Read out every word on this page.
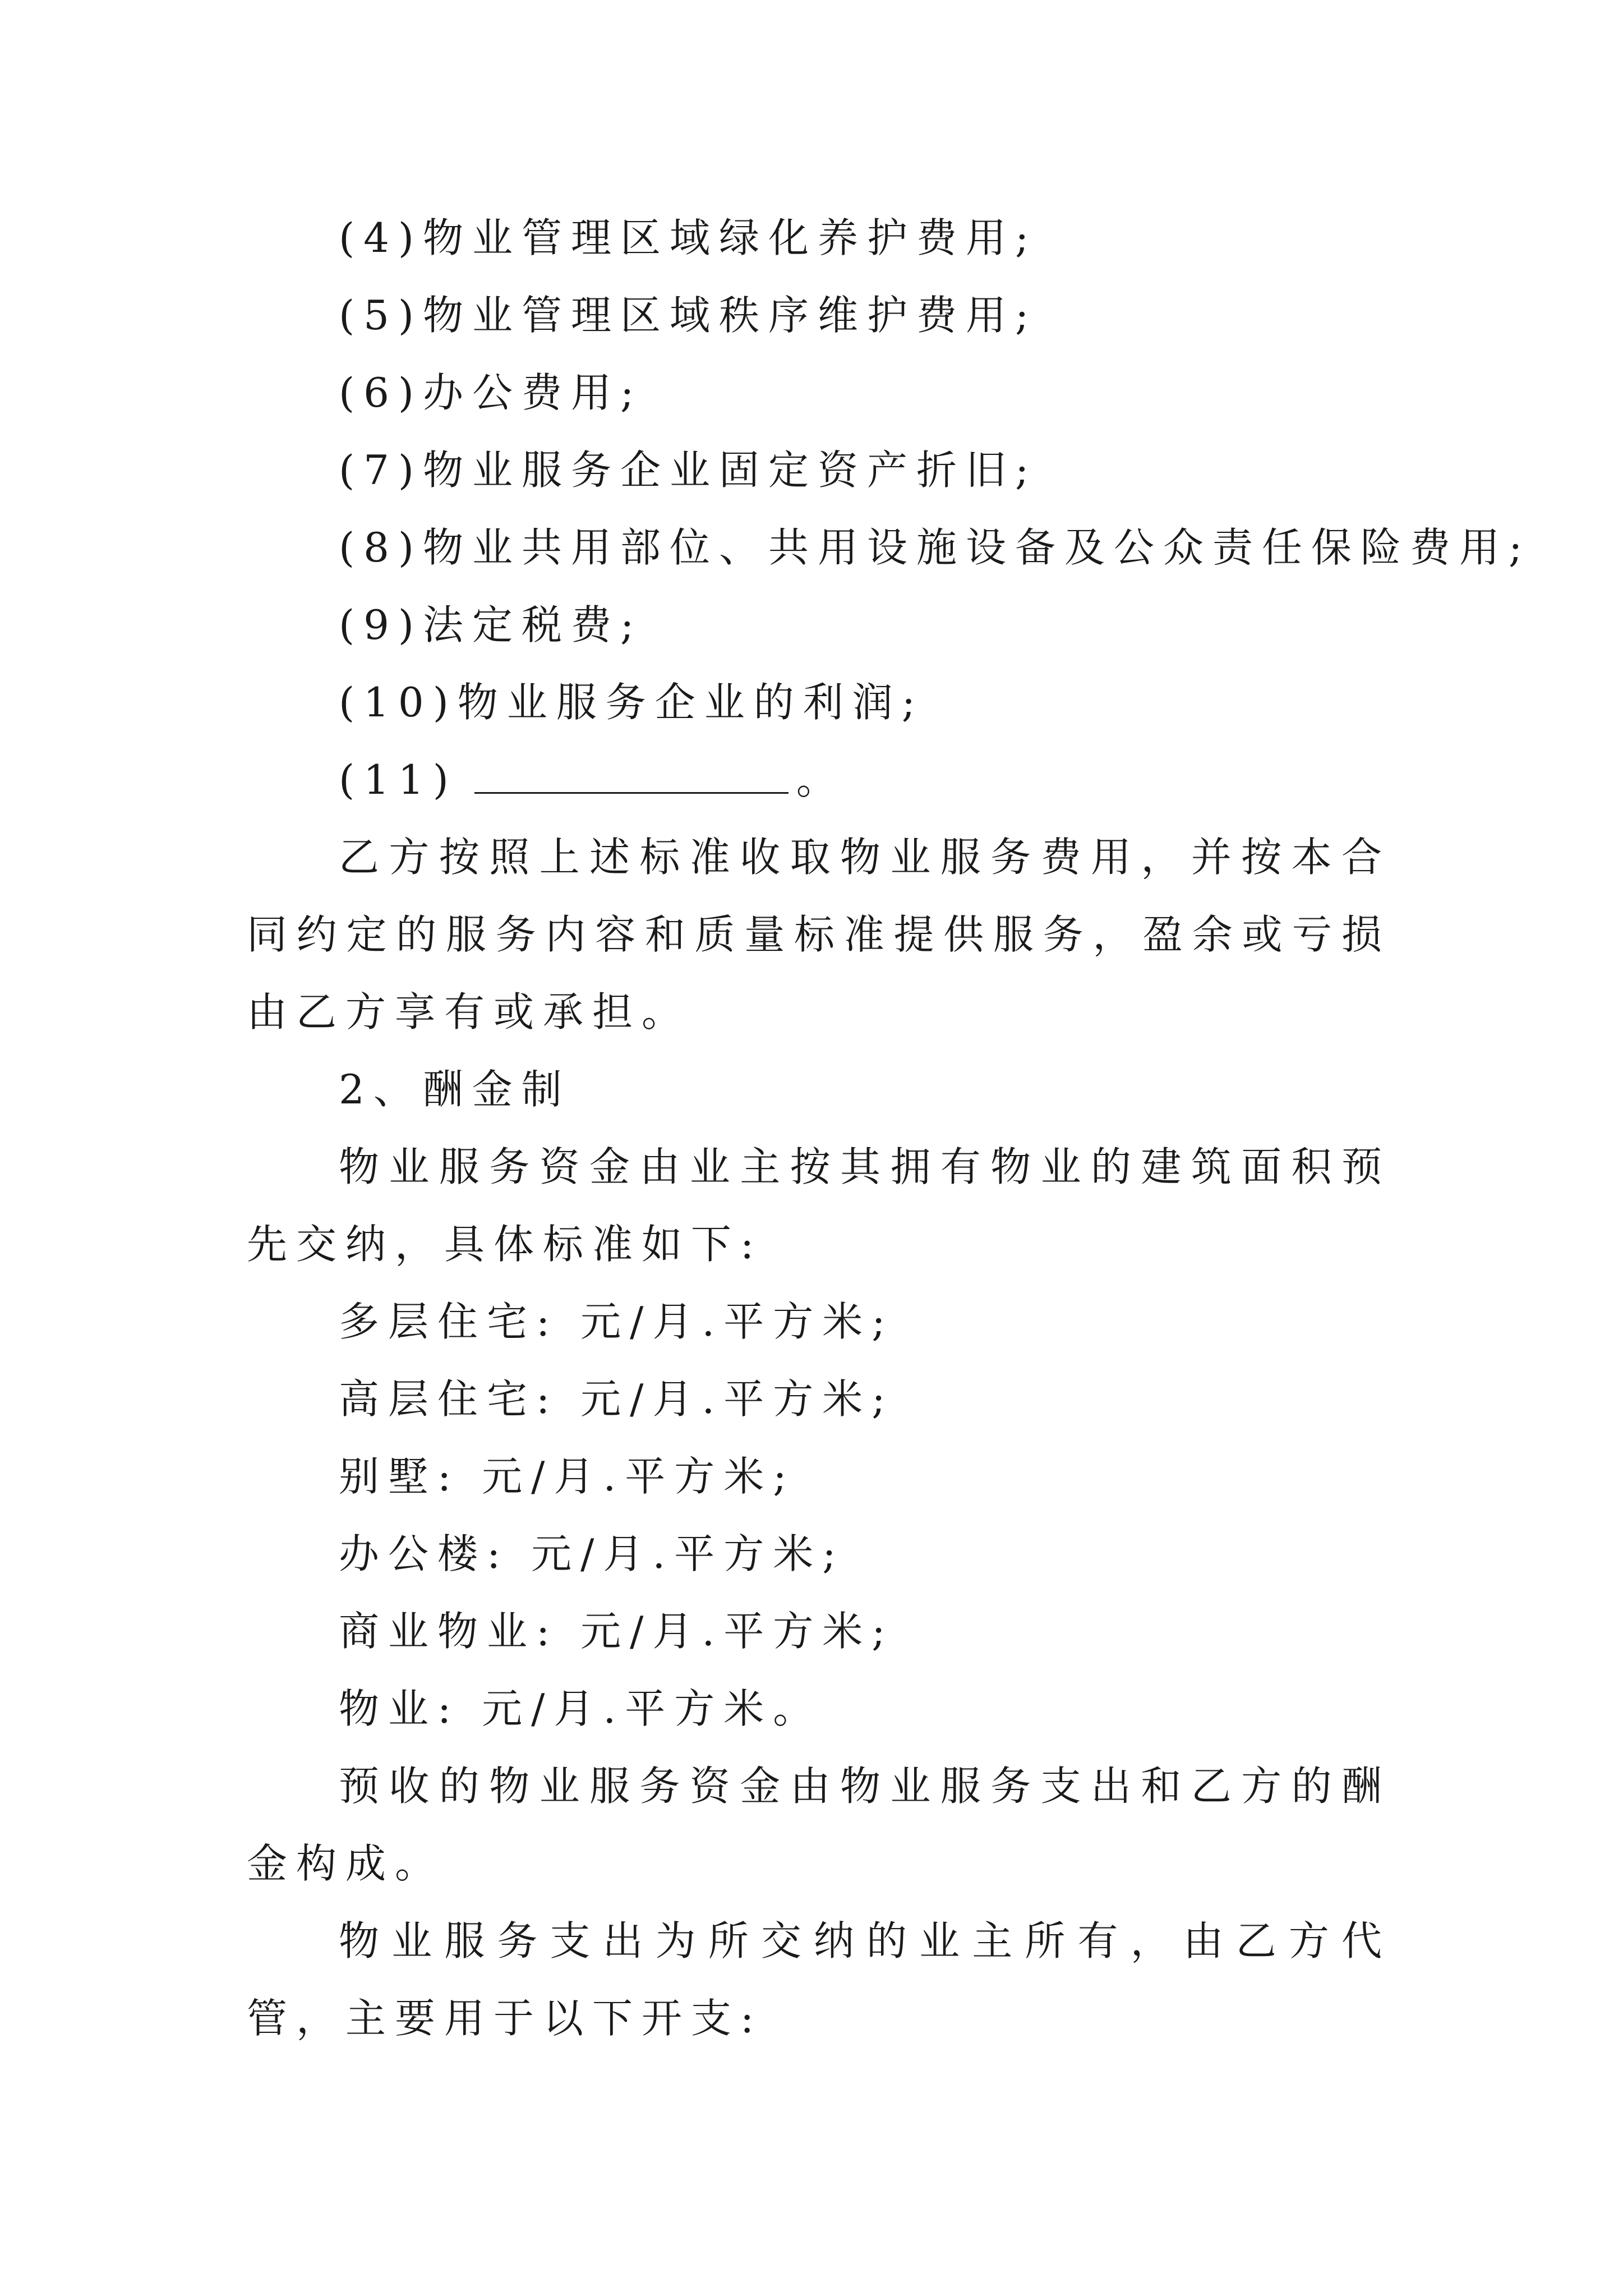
(4)物业管理区域绿化养护费用;

(5)物业管理区域秩序维护费用;

(6)办公费用;

(7)物业服务企业固定资产折旧;

(8)物业共用部位、共用设施设备及公众责任保险费用;

(9)法定税费;

(10)物业服务企业的利润;

(11)	。

乙方按照上述标准收取物业服务费用，并按本合同约定的服务内容和质量标准提供服务，盈余或亏损由乙方享有或承担。

2、酬金制

物业服务资金由业主按其拥有物业的建筑面积预先交纳，具体标准如下:

多层住宅: 元/月.平方米;

高层住宅: 元/月.平方米;

别墅: 元/月.平方米;

办公楼: 元/月.平方米;

商业物业: 元/月.平方米;

物业: 元/月.平方米。

预收的物业服务资金由物业服务支出和乙方的酬金构成。

物业服务支出为所交纳的业主所有，由乙方代管，主要用于以下开支:
